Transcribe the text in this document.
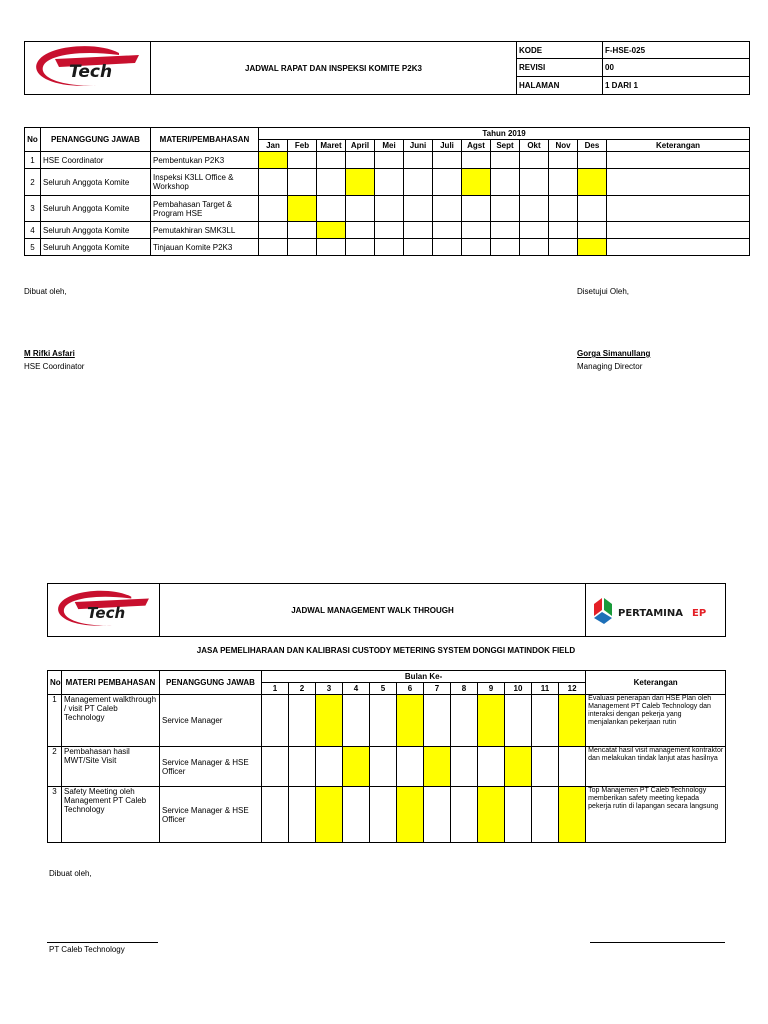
Tech	JADWAL RAPAT DAN INSPEKSI KOMITE P2K3	KODE	F-HSE-025
		REVISI	00
		HALAMAN	1 DARI 1
No	PENANGGUNG JAWAB	MATERI/PEMBAHASAN	Tahun 2019												
			Jan	Feb	Maret	April	Mei	Juni	Juli	Agst	Sept	Okt	Nov	Des	Keterangan
1	HSE Coordinator	Pembentukan P2K3													
2	Seluruh Anggota Komite	Inspeksi K3LL Office & Workshop													
3	Seluruh Anggota Komite	Pembahasan Target & Program HSE													
4	Seluruh Anggota Komite	Pemutakhiran SMK3LL													
5	Seluruh Anggota Komite	Tinjauan Komite P2K3													
Dibuat oleh,	Disetujui Oleh,
M Rifki Asfari
HSE Coordinator
Gorga Simanullang
Managing Director
Tech	JADWAL MANAGEMENT WALK THROUGH	PERTAMINA EP
JASA PEMELIHARAAN DAN KALIBRASI CUSTODY METERING SYSTEM DONGGI MATINDOK FIELD
No	MATERI PEMBAHASAN	PENANGGUNG JAWAB	Bulan Ke-												Keterangan
			1	2	3	4	5	6	7	8	9	10	11	12	
1	Management walkthrough / visit PT Caleb Technology	Service Manager													Evaluasi penerapan dari HSE Plan oleh Management PT Caleb Technology dan interaksi dengan pekerja yang menjalankan pekerjaan rutin
2	Pembahasan hasil MWT/Site Visit	Service Manager & HSE Officer													Mencatat hasil visit management kontraktor dan melakukan tindak lanjut atas hasilnya
3	Safety Meeting oleh Management PT Caleb Technology	Service Manager & HSE Officer													Top Manajemen PT Caleb Technology memberikan safety meeting kepada pekerja rutin di lapangan secara langsung
Dibuat oleh,
PT Caleb Technology
